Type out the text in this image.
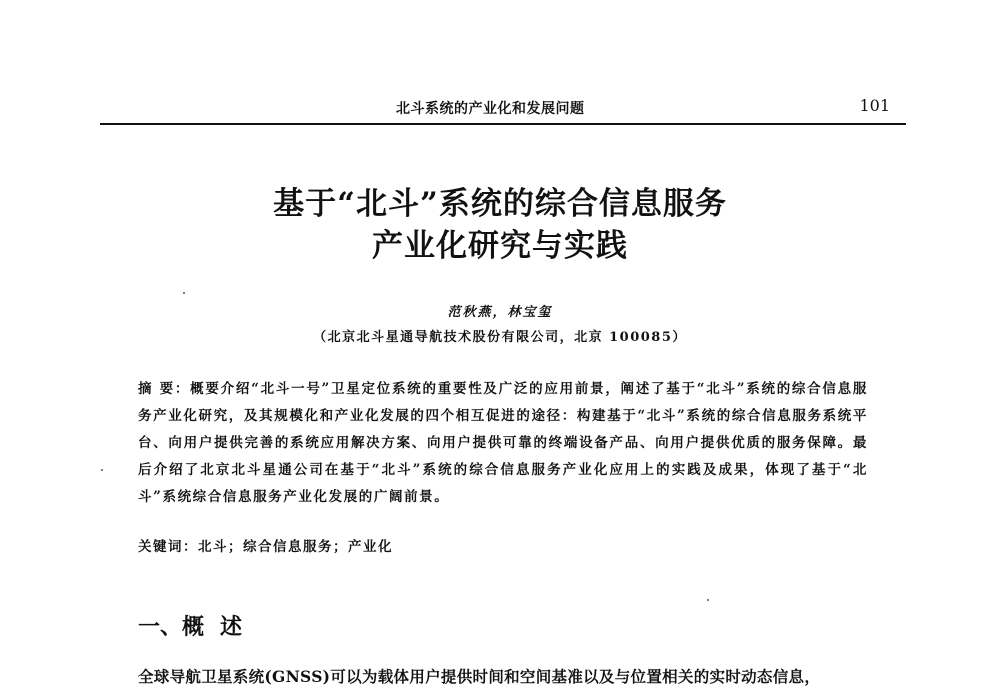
北斗系统的产业化和发展问题	101
基于“北斗”系统的综合信息服务
产业化研究与实践
范秋燕，林宝玺
（北京北斗星通导航技术股份有限公司，北京 100085）
摘 要：概要介绍“北斗一号”卫星定位系统的重要性及广泛的应用前景，阐述了基于“北斗”系统的综合信息服务产业化研究，及其规模化和产业化发展的四个相互促进的途径：构建基于“北斗”系统的综合信息服务系统平台、向用户提供完善的系统应用解决方案、向用户提供可靠的终端设备产品、向用户提供优质的服务保障。最后介绍了北京北斗星通公司在基于“北斗”系统的综合信息服务产业化应用上的实践及成果，体现了基于“北斗”系统综合信息服务产业化发展的广阔前景。
关键词：北斗；综合信息服务；产业化
一、概述
全球导航卫星系统(GNSS)可以为载体用户提供时间和空间基准以及与位置相关的实时动态信息，
